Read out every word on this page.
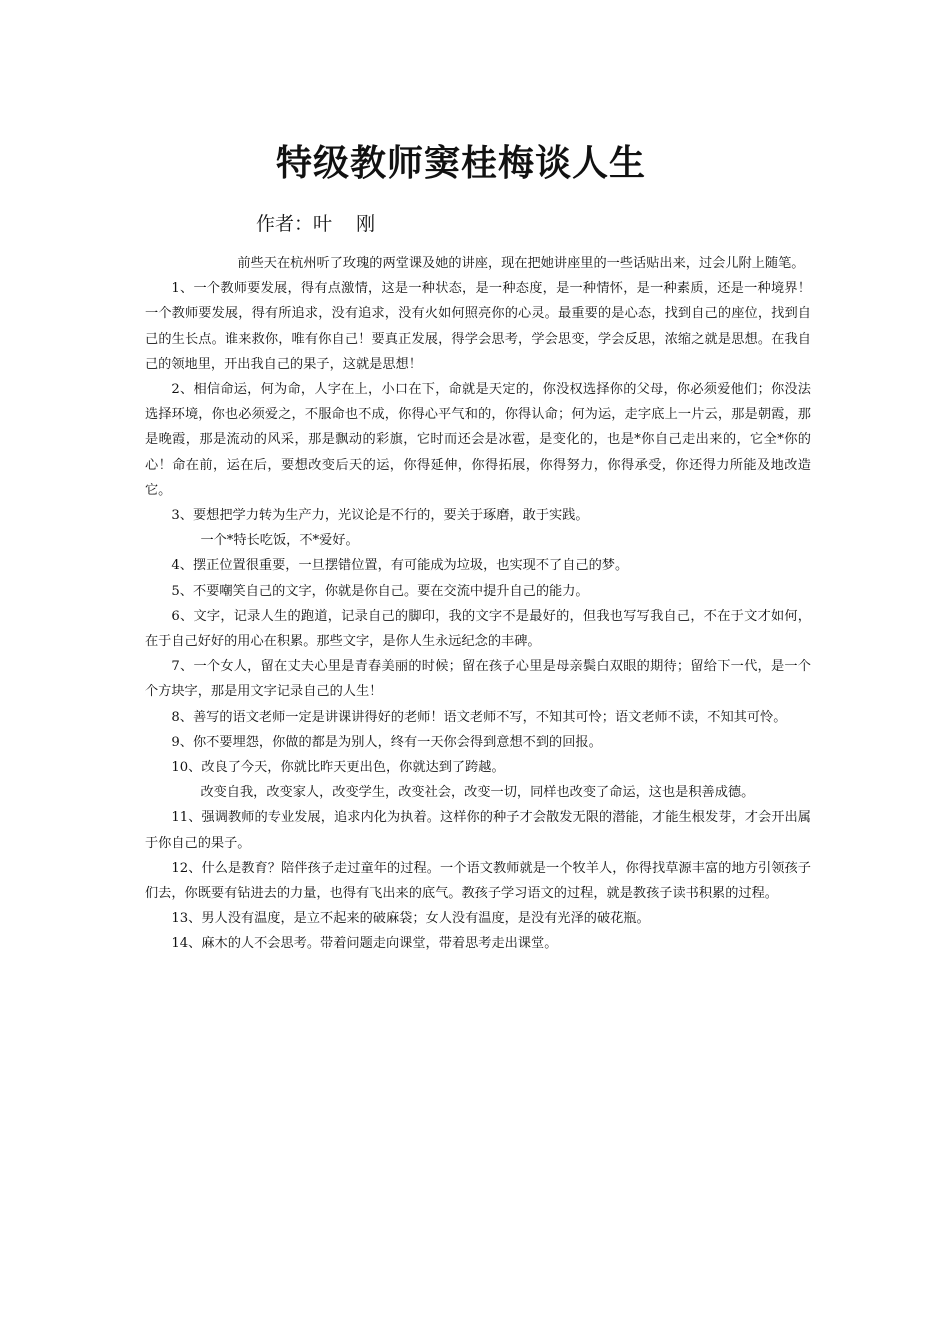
特级教师窦桂梅谈人生
作者：叶    刚

前些天在杭州听了玫瑰的两堂课及她的讲座，现在把她讲座里的一些话贴出来，过会儿附上随笔。

1、一个教师要发展，得有点激情，这是一种状态，是一种态度，是一种情怀，是一种素质，还是一种境界！一个教师要发展，得有所追求，没有追求，没有火如何照亮你的心灵。最重要的是心态，找到自己的座位，找到自己的生长点。谁来救你，唯有你自己！要真正发展，得学会思考，学会思变，学会反思，浓缩之就是思想。在我自己的领地里，开出我自己的果子，这就是思想！

2、相信命运，何为命，人字在上，小口在下，命就是天定的，你没权选择你的父母，你必须爱他们；你没法选择环境，你也必须爱之，不服命也不成，你得心平气和的，你得认命；何为运，走字底上一片云，那是朝霞，那是晚霞，那是流动的风采，那是飘动的彩旗，它时而还会是冰雹，是变化的，也是*你自己走出来的，它全*你的心！命在前，运在后，要想改变后天的运，你得延伸，你得拓展，你得努力，你得承受，你还得力所能及地改造它。

3、要想把学力转为生产力，光议论是不行的，要关于琢磨，敢于实践。

一个*特长吃饭，不*爱好。

4、摆正位置很重要，一旦摆错位置，有可能成为垃圾，也实现不了自己的梦。

5、不要嘲笑自己的文字，你就是你自己。要在交流中提升自己的能力。

6、文字，记录人生的跑道，记录自己的脚印，我的文字不是最好的，但我也写写我自己，不在于文才如何，在于自己好好的用心在积累。那些文字，是你人生永远纪念的丰碑。

7、一个女人，留在丈夫心里是青春美丽的时候；留在孩子心里是母亲鬓白双眼的期待；留给下一代，是一个个方块字，那是用文字记录自己的人生！

8、善写的语文老师一定是讲课讲得好的老师！语文老师不写，不知其可怜；语文老师不读，不知其可怜。

9、你不要埋怨，你做的都是为别人，终有一天你会得到意想不到的回报。

10、改良了今天，你就比昨天更出色，你就达到了跨越。

改变自我，改变家人，改变学生，改变社会，改变一切，同样也改变了命运，这也是积善成德。

11、强调教师的专业发展，追求内化为执着。这样你的种子才会散发无限的潜能，才能生根发芽，才会开出属于你自己的果子。

12、什么是教育？陪伴孩子走过童年的过程。一个语文教师就是一个牧羊人，你得找草源丰富的地方引领孩子们去，你既要有钻进去的力量，也得有飞出来的底气。教孩子学习语文的过程，就是教孩子读书积累的过程。

13、男人没有温度，是立不起来的破麻袋；女人没有温度，是没有光泽的破花瓶。

14、麻木的人不会思考。带着问题走向课堂，带着思考走出课堂。
